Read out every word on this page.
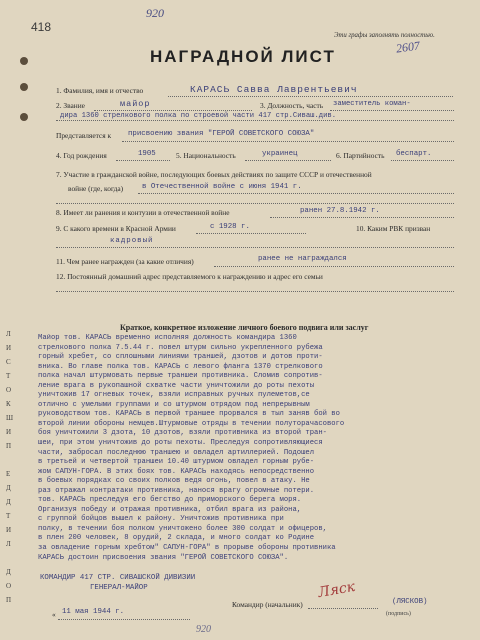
418
920
Эти графы заполнять полностью.
2607
НАГРАДНОЙ ЛИСТ
1. Фамилия, имя и отчество	КАРАСЬ Савва Лаврентьевич
2. Звание	майор	3. Должность, часть заместитель коман-
дира 1360 стрелкового полка по строевой части 417 стр.Сиваш.див.
Представляется к присвоению звания "ГЕРОЙ СОВЕТСКОГО СОЮЗА"
4. Год рождения	1905	5. Национальность	украинец	6. Партийность беспарт.
7. Участие в гражданской войне, последующих боевых действиях по защите СССР и отечественной
войне (где, когда)	в Отечественной войне с июня 1941 г.
8. Имеет ли ранения и контузии в отечественной войне	ранен 27.8.1942 г.
9. С какого времени в Красной Армии	с 1928 г.	10. Каким РВК призван
кадровый
11. Чем ранее награжден (за какие отличия)	ранее не награждался
12. Постоянный домашний адрес представляемого к награждению и адрес его семьи
Л
И
С
Т
О
К
Ш
И
П
Е
Д
Д
Т
И
Л
Д
О
П
Краткое, конкретное изложение личного боевого подвига или заслуг
Майор тов. КАРАСЬ временно исполняя должность командира 1360
стрелкового полка 7.5.44 г. повел штурм сильно укрепленного рубежа
горный хребет, со сплошными линиями траншей, дзотов и дотов проти-
вника. Во главе полка тов. КАРАСЬ с левого фланга 1370 стрелкового
полка начал штурмовать первые траншеи противника. Сломив сопротив-
ление врага в рукопашной схватке части уничтожили до роты пехоты
уничтожив 17 огневых точек, взяли исправных ручных пулеметов,се
отлично с умелыми группами и со штурмом отрядом под непрерывным
руководством тов. КАРАСЬ в первой траншее прорвался в тыл заняв бой во
второй линии обороны немцев.Штурмовые отряды в течении полуторачасового
боя уничтожили 3 дзота, 10 дзотов, взяли противника из второй тран-
шеи, при этом уничтожив до роты пехоты. Преследуя сопротивляющиеся
части, забросал последнюю траншею и овладел артиллерией. Подошел
в третьей и четвертой траншеи 10.40 штурмом овладел горным рубе-
жом САПУН-ГОРА. В этих боях тов. КАРАСЬ находясь непосредственно
в боевых порядках со своих полков ведя огонь, повел в атаку. Не
раз отражал контратаки противника, нанося врагу огромные потери.
тов. КАРАСЬ преследуя его бегство до приморского берега моря.
Организуя победу и отражая противника, отбил врага из района,
с группой бойцов вышел к району. Уничтожив противника при
полку, в течении боя полком уничтожено более 300 солдат и офицеров,
в плен 200 человек, 8 орудий, 2 склада, и много солдат ко Родине
за овладение горным хребтом" САПУН-ГОРА" в прорыве обороны противника
КАРАСЬ достоин присвоения звания "ГЕРОЙ СОВЕТСКОГО СОЮЗА".
КОМАНДИР 417 СТР. СИВАШСКОЙ ДИВИЗИИ
ГЕНЕРАЛ-МАЙОР
Командир (начальник)
Ляск
(ЛЯСКОВ)
(подпись)
« 11 мая 1944 г.
920
